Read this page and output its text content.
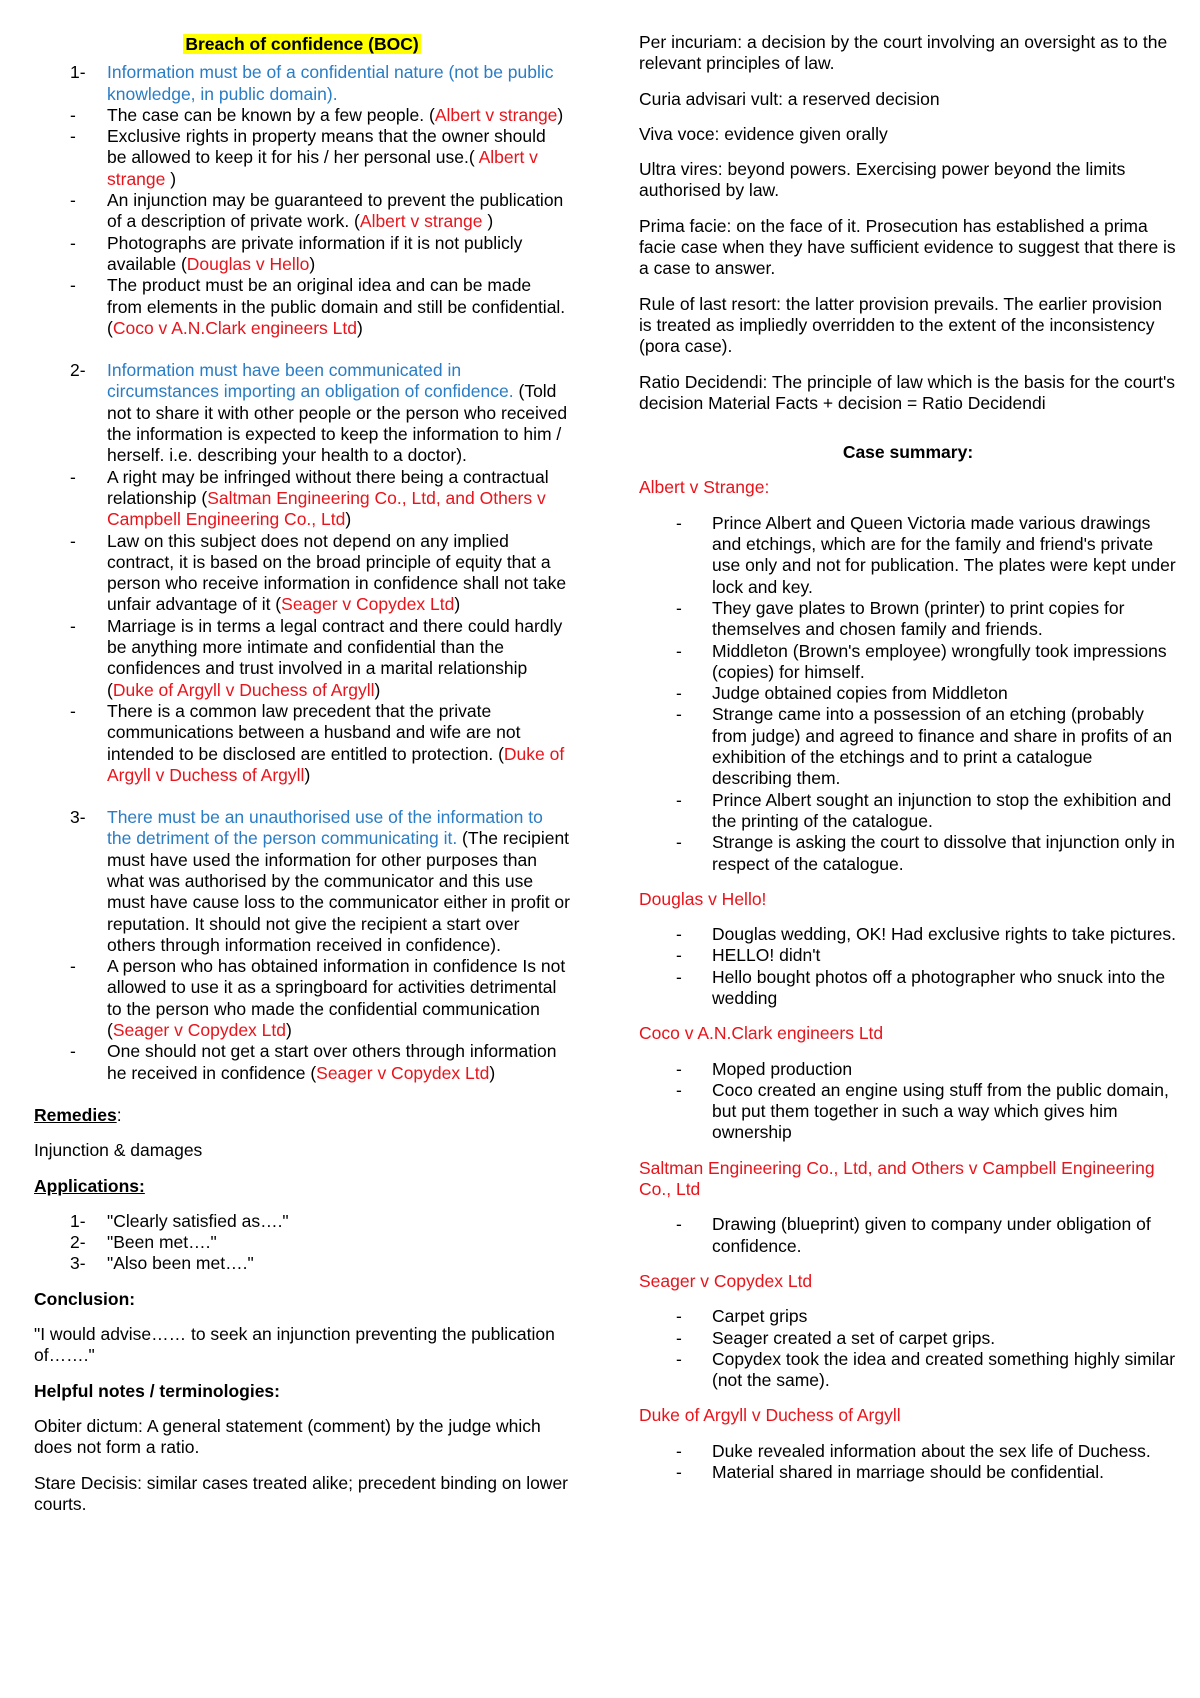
Breach of confidence (BOC)
1- Information must be of a confidential nature (not be public knowledge, in public domain).
- The case can be known by a few people. (Albert v strange)
- Exclusive rights in property means that the owner should be allowed to keep it for his / her personal use.( Albert v strange )
- An injunction may be guaranteed to prevent the publication of a description of private work. (Albert v strange )
- Photographs are private information if it is not publicly available (Douglas v Hello)
- The product must be an original idea and can be made from elements in the public domain and still be confidential. (Coco v A.N.Clark engineers Ltd)
2- Information must have been communicated in circumstances importing an obligation of confidence. (Told not to share it with other people or the person who received the information is expected to keep the information to him / herself. i.e. describing your health to a doctor).
- A right may be infringed without there being a contractual relationship (Saltman Engineering Co., Ltd, and Others v Campbell Engineering Co., Ltd)
- Law on this subject does not depend on any implied contract, it is based on the broad principle of equity that a person who receive information in confidence shall not take unfair advantage of it (Seager v Copydex Ltd)
- Marriage is in terms a legal contract and there could hardly be anything more intimate and confidential than the confidences and trust involved in a marital relationship (Duke of Argyll v Duchess of Argyll)
- There is a common law precedent that the private communications between a husband and wife are not intended to be disclosed are entitled to protection. (Duke of Argyll v Duchess of Argyll)
3- There must be an unauthorised use of the information to the detriment of the person communicating it. (The recipient must have used the information for other purposes than what was authorised by the communicator and this use must have cause loss to the communicator either in profit or reputation. It should not give the recipient a start over others through information received in confidence).
- A person who has obtained information in confidence Is not allowed to use it as a springboard for activities detrimental to the person who made the confidential communication (Seager v Copydex Ltd)
- One should not get a start over others through information he received in confidence (Seager v Copydex Ltd)
Remedies:
Injunction & damages
Applications:
1- "Clearly satisfied as…."
2- "Been met…."
3- "Also been met…."
Conclusion:
"I would advise…… to seek an injunction preventing the publication of……."
Helpful notes / terminologies:
Obiter dictum: A general statement (comment) by the judge which does not form a ratio.
Stare Decisis: similar cases treated alike; precedent binding on lower courts.
Per incuriam: a decision by the court involving an oversight as to the relevant principles of law.
Curia advisari vult: a reserved decision
Viva voce: evidence given orally
Ultra vires: beyond powers. Exercising power beyond the limits authorised by law.
Prima facie: on the face of it. Prosecution has established a prima facie case when they have sufficient evidence to suggest that there is a case to answer.
Rule of last resort: the latter provision prevails. The earlier provision is treated as impliedly overridden to the extent of the inconsistency (pora case).
Ratio Decidendi: The principle of law which is the basis for the court's decision Material Facts + decision = Ratio Decidendi
Case summary:
Albert v Strange:
- Prince Albert and Queen Victoria made various drawings and etchings, which are for the family and friend's private use only and not for publication. The plates were kept under lock and key.
- They gave plates to Brown (printer) to print copies for themselves and chosen family and friends.
- Middleton (Brown's employee) wrongfully took impressions (copies) for himself.
- Judge obtained copies from Middleton
- Strange came into a possession of an etching (probably from judge) and agreed to finance and share in profits of an exhibition of the etchings and to print a catalogue describing them.
- Prince Albert sought an injunction to stop the exhibition and the printing of the catalogue.
- Strange is asking the court to dissolve that injunction only in respect of the catalogue.
Douglas v Hello!
- Douglas wedding, OK! Had exclusive rights to take pictures.
- HELLO! didn't
- Hello bought photos off a photographer who snuck into the wedding
Coco v A.N.Clark engineers Ltd
- Moped production
- Coco created an engine using stuff from the public domain, but put them together in such a way which gives him ownership
Saltman Engineering Co., Ltd, and Others v Campbell Engineering Co., Ltd
- Drawing (blueprint) given to company under obligation of confidence.
Seager v Copydex Ltd
- Carpet grips
- Seager created a set of carpet grips.
- Copydex took the idea and created something highly similar (not the same).
Duke of Argyll v Duchess of Argyll
- Duke revealed information about the sex life of Duchess.
- Material shared in marriage should be confidential.
